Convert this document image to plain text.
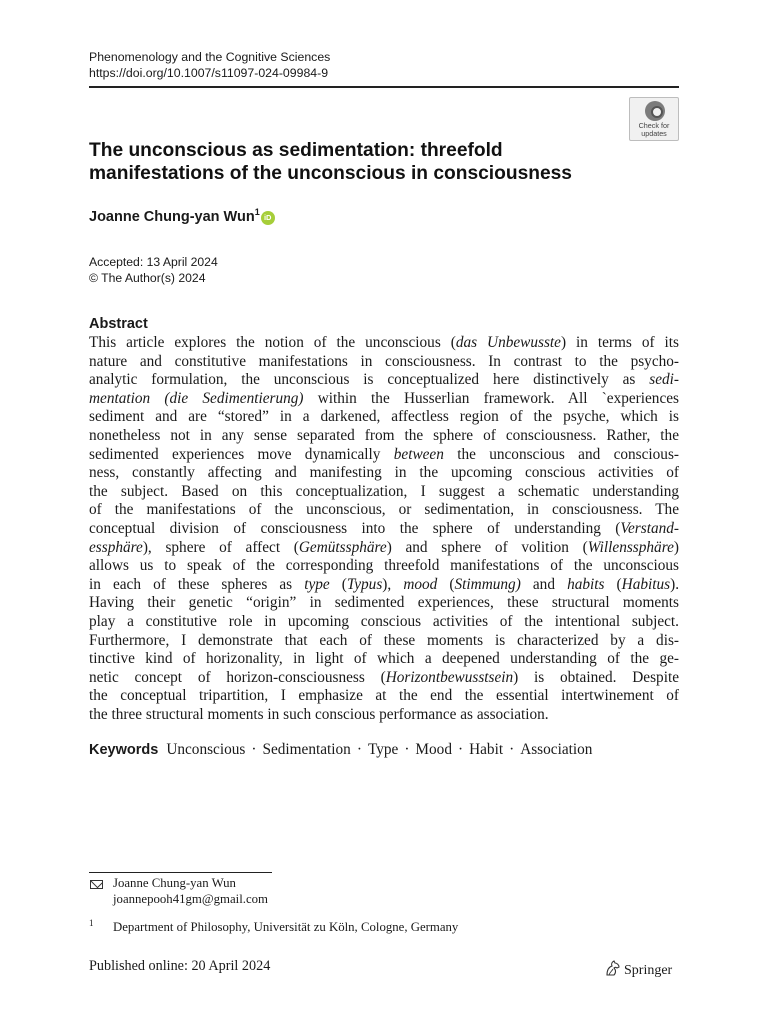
Phenomenology and the Cognitive Sciences
https://doi.org/10.1007/s11097-024-09984-9
Check for
updates
The unconscious as sedimentation: threefold manifestations of the unconscious in consciousness
Joanne Chung-yan Wun$^1$iD
Accepted: 13 April 2024
© The Author(s) 2024
Abstract
This article explores the notion of the unconscious (das Unbewusste) in terms of its
nature and constitutive manifestations in consciousness. In contrast to the psycho-
analytic formulation, the unconscious is conceptualized here distinctively as sedi-
mentation (die Sedimentierung) within the Husserlian framework. All `experiences
sediment and are “stored” in a darkened, affectless region of the psyche, which is
nonetheless not in any sense separated from the sphere of consciousness. Rather, the
sedimented experiences move dynamically between the unconscious and conscious-
ness, constantly affecting and manifesting in the upcoming conscious activities of
the subject. Based on this conceptualization, I suggest a schematic understanding
of the manifestations of the unconscious, or sedimentation, in consciousness. The
conceptual division of consciousness into the sphere of understanding (Verstand-
essphäre), sphere of affect (Gemütssphäre) and sphere of volition (Willenssphäre)
allows us to speak of the corresponding threefold manifestations of the unconscious
in each of these spheres as type (Typus), mood (Stimmung) and habits (Habitus).
Having their genetic “origin” in sedimented experiences, these structural moments
play a constitutive role in upcoming conscious activities of the intentional subject.
Furthermore, I demonstrate that each of these moments is characterized by a dis-
tinctive kind of horizonality, in light of which a deepened understanding of the ge-
netic concept of horizon-consciousness (Horizontbewusstsein) is obtained. Despite
the conceptual tripartition, I emphasize at the end the essential intertwinement of
the three structural moments in such conscious performance as association.
Keywords Unconscious · Sedimentation · Type · Mood · Habit · Association
Joanne Chung-yan Wun
joannepooh41gm@gmail.com
1 Department of Philosophy, Universität zu Köln, Cologne, Germany
Published online: 20 April 2024	Springer
